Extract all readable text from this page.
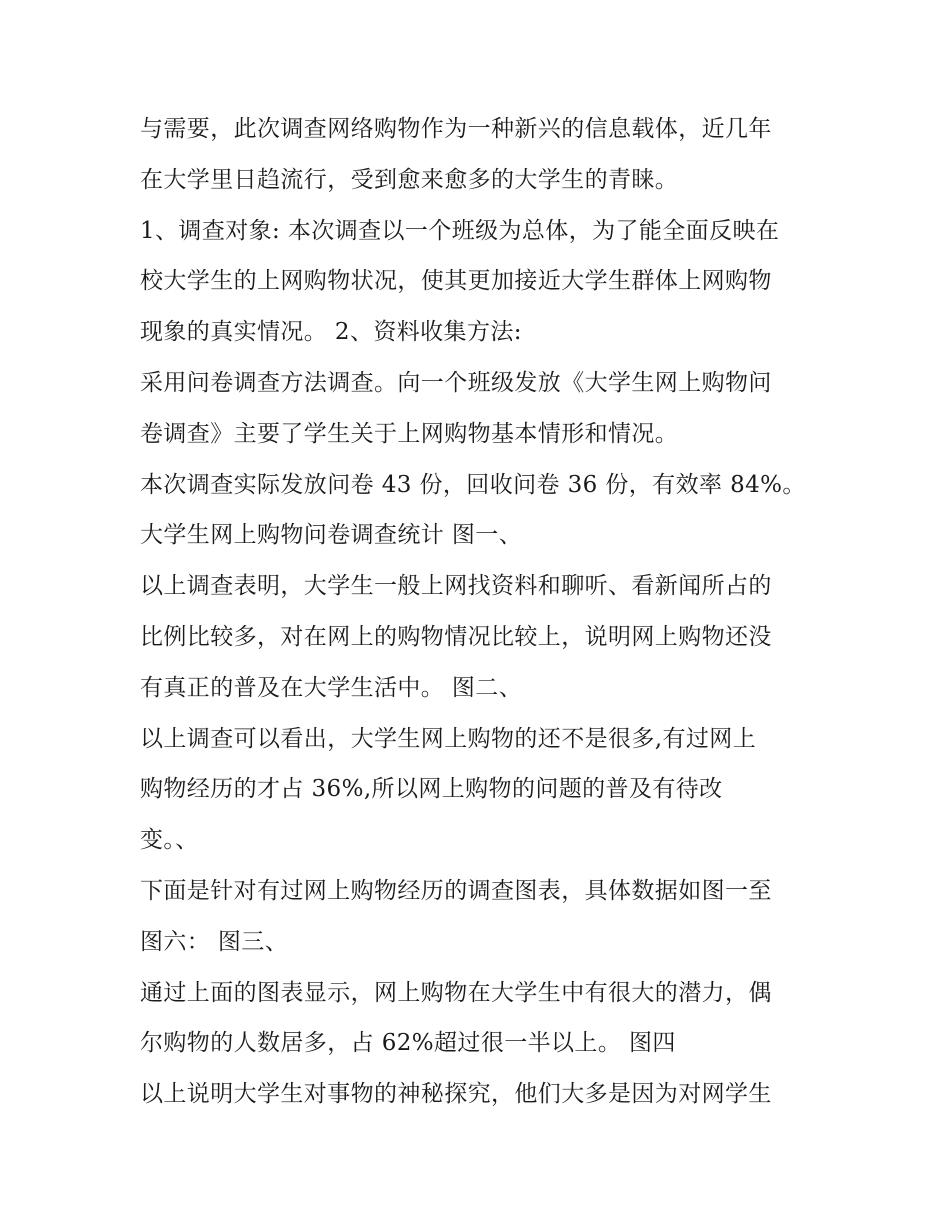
与需要，此次调查网络购物作为一种新兴的信息载体，近几年
在大学里日趋流行，受到愈来愈多的大学生的青睐。
1、调查对象: 本次调查以一个班级为总体，为了能全面反映在
校大学生的上网购物状况，使其更加接近大学生群体上网购物
现象的真实情况。 2、资料收集方法:
采用问卷调查方法调查。向一个班级发放《大学生网上购物问
卷调查》主要了学生关于上网购物基本情形和情况。
本次调查实际发放问卷 43 份，回收问卷 36 份，有效率 84%。
大学生网上购物问卷调查统计 图一、
以上调查表明，大学生一般上网找资料和聊听、看新闻所占的
比例比较多，对在网上的购物情况比较上，说明网上购物还没
有真正的普及在大学生活中。 图二、
以上调查可以看出，大学生网上购物的还不是很多,有过网上
购物经历的才占 36%,所以网上购物的问题的普及有待改
变。、
下面是针对有过网上购物经历的调查图表，具体数据如图一至
图六： 图三、
通过上面的图表显示，网上购物在大学生中有很大的潜力，偶
尔购物的人数居多，占 62%超过很一半以上。 图四
以上说明大学生对事物的神秘探究，他们大多是因为对网学生
